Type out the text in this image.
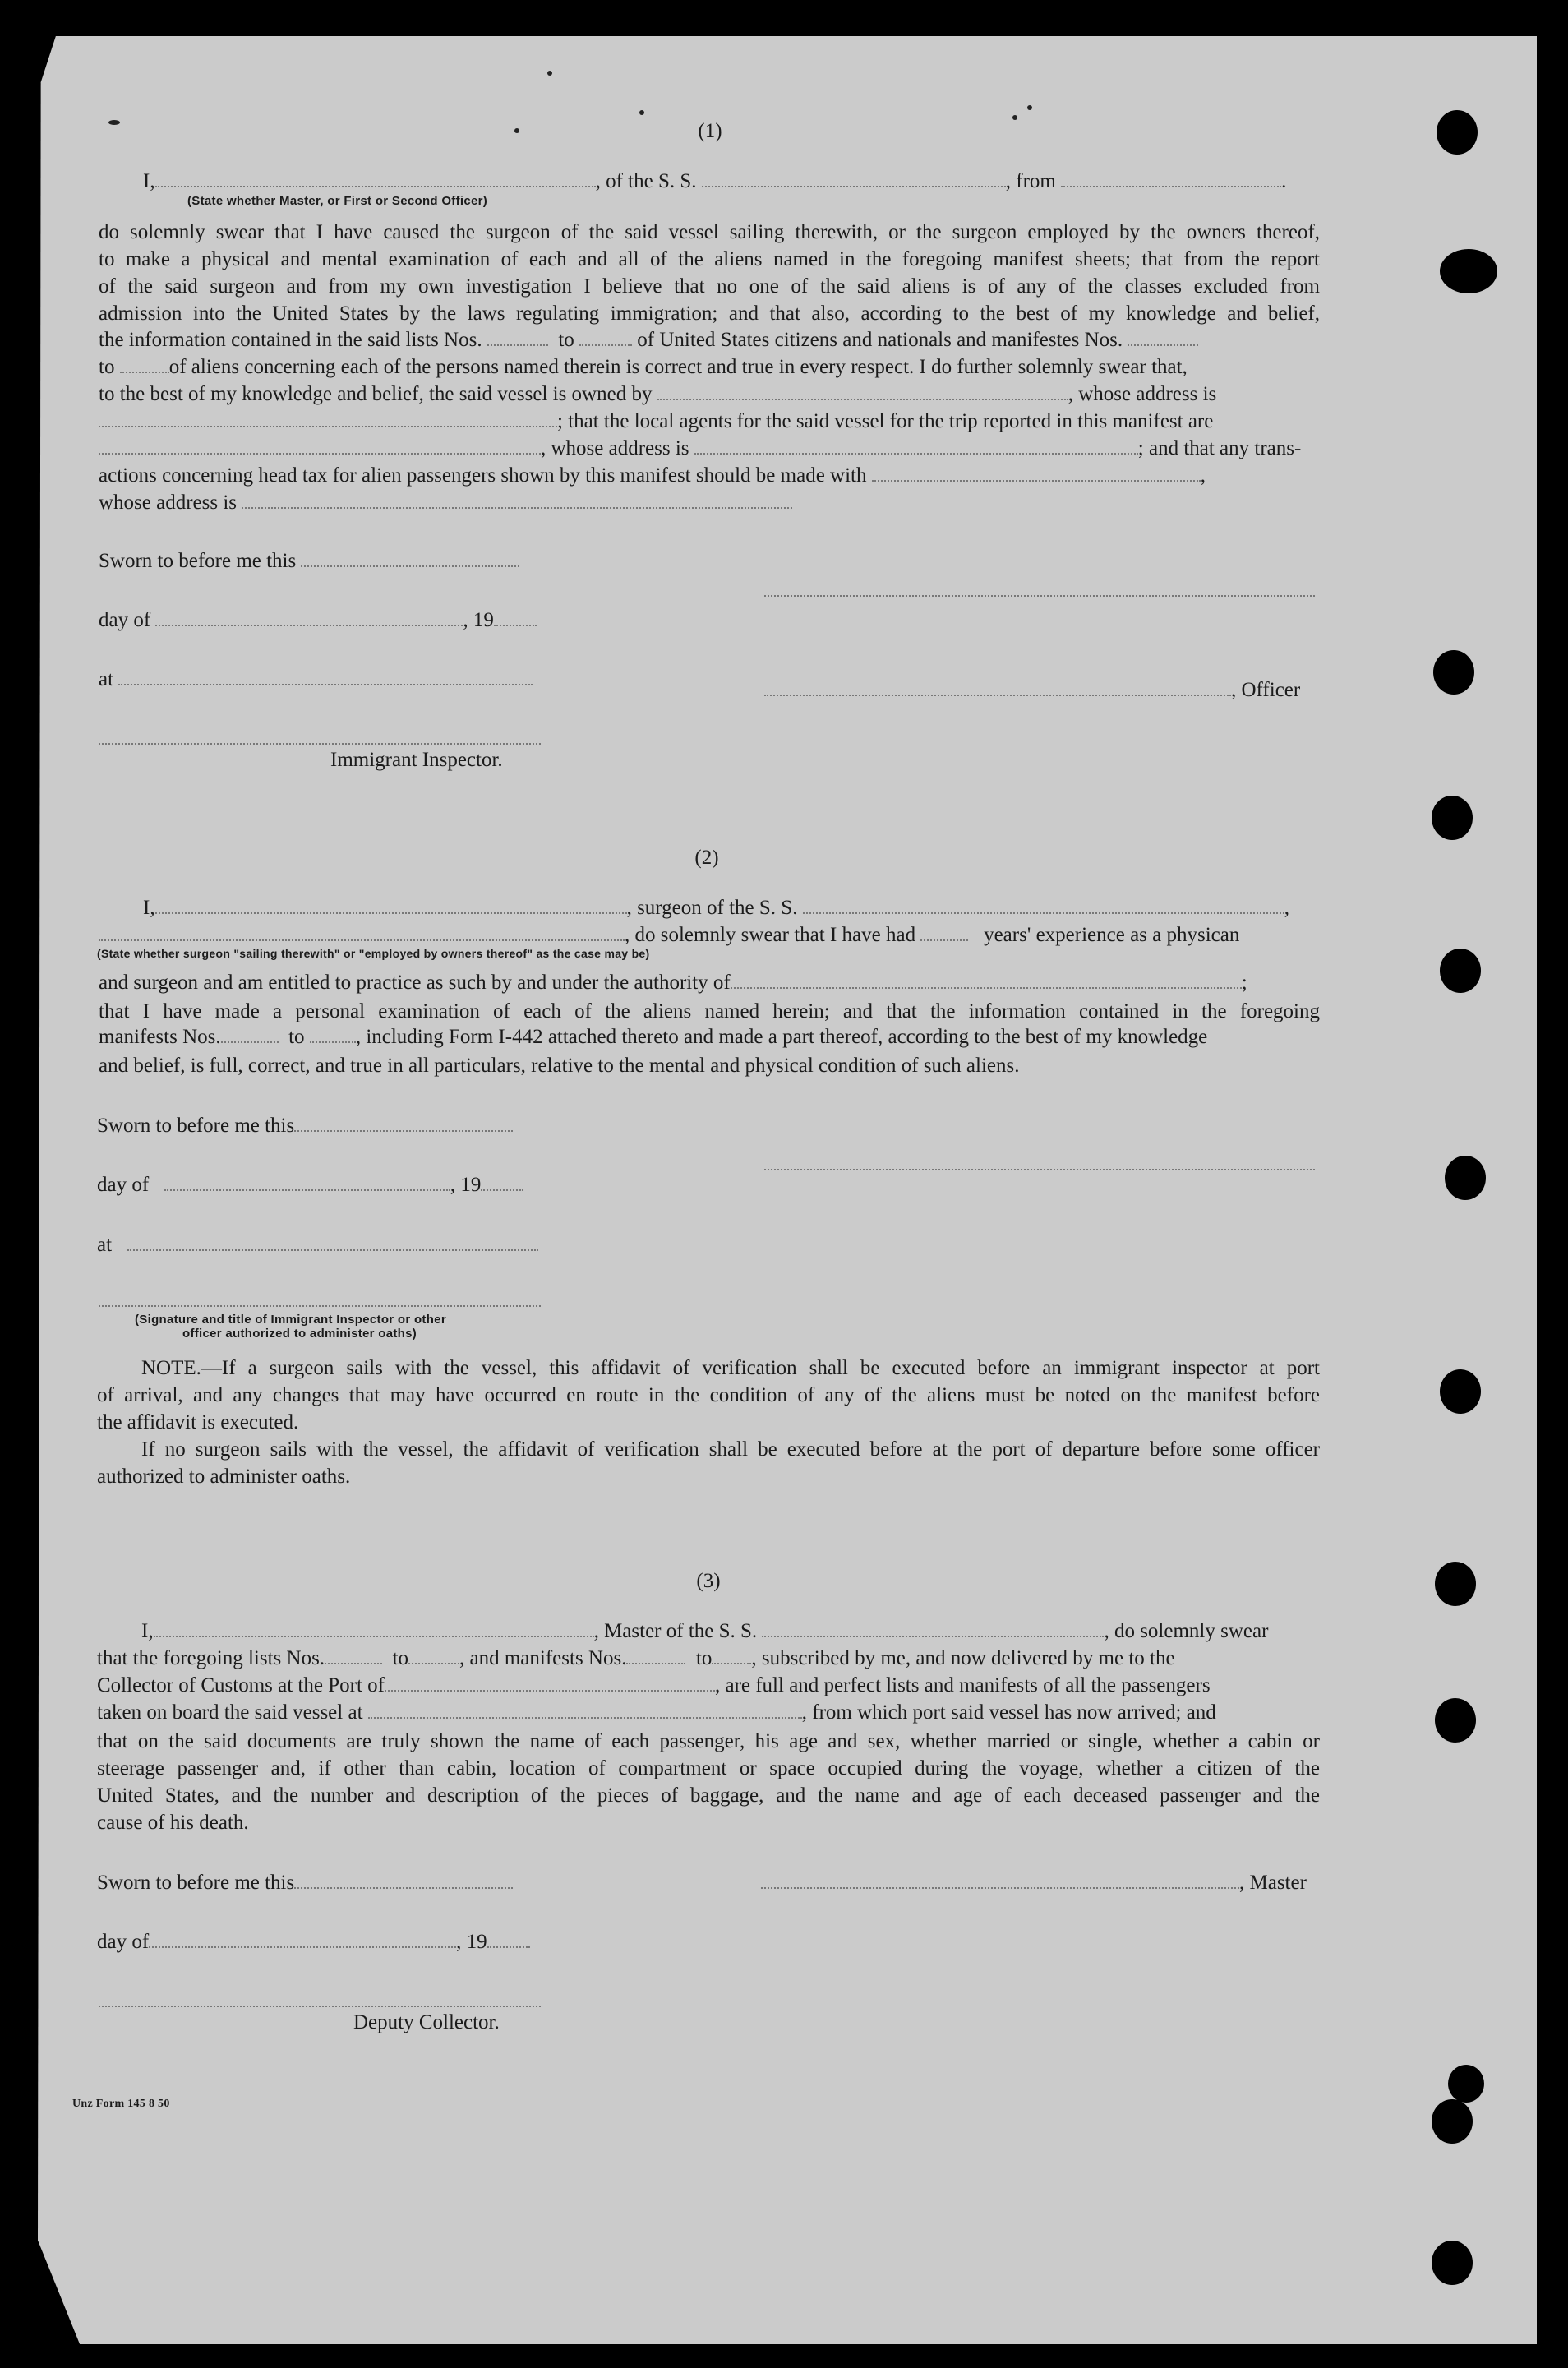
(1)
I,	, of the S. S.	, from	.
(State whether Master, or First or Second Officer)
do solemnly swear that I have caused the surgeon of the said vessel sailing therewith, or the surgeon employed by the owners thereof,
to make a physical and mental examination of each and all of the aliens named in the foregoing manifest sheets; that from the report
of the said surgeon and from my own investigation I believe that no one of the said aliens is of any of the classes excluded from
admission into the United States by the laws regulating immigration; and that also, according to the best of my knowledge and belief,
the information contained in the said lists Nos.	to	of United States citizens and nationals and manifestes Nos.
to	of aliens concerning each of the persons named therein is correct and true in every respect. I do further solemnly swear that,
to the best of my knowledge and belief, the said vessel is owned by	, whose address is
; that the local agents for the said vessel for the trip reported in this manifest are
, whose address is	; and that any trans-
actions concerning head tax for alien passengers shown by this manifest should be made with	,
whose address is
Sworn to before me this
day of	, 19
at	, Officer
Immigrant Inspector.
(2)
I,	, surgeon of the S. S.	,
, do solemnly swear that I have had	years' experience as a physican
(State whether surgeon "sailing therewith" or "employed by owners thereof" as the case may be)
and surgeon and am entitled to practice as such by and under the authority of	;
that I have made a personal examination of each of the aliens named herein; and that the information contained in the foregoing
manifests Nos.	to , including Form I-442 attached thereto and made a part thereof, according to the best of my knowledge
and belief, is full, correct, and true in all particulars, relative to the mental and physical condition of such aliens.
Sworn to before me this
day of	, 19
at
(Signature and title of Immigrant Inspector or other
officer authorized to administer oaths)
NOTE.—If a surgeon sails with the vessel, this affidavit of verification shall be executed before an immigrant inspector at port
of arrival, and any changes that may have occurred en route in the condition of any of the aliens must be noted on the manifest before
the affidavit is executed.
If no surgeon sails with the vessel, the affidavit of verification shall be executed before at the port of departure before some officer
authorized to administer oaths.
(3)
I,	, Master of the S. S.	, do solemnly swear
that the foregoing lists Nos.	to , and manifests Nos.	to , subscribed by me, and now delivered by me to the
Collector of Customs at the Port of	, are full and perfect lists and manifests of all the passengers
taken on board the said vessel at	, from which port said vessel has now arrived; and
that on the said documents are truly shown the name of each passenger, his age and sex, whether married or single, whether a cabin or
steerage passenger and, if other than cabin, location of compartment or space occupied during the voyage, whether a citizen of the
United States, and the number and description of the pieces of baggage, and the name and age of each deceased passenger and the
cause of his death.
Sworn to before me this	, Master
day of	, 19
Deputy Collector.
Unz Form 145 8 50
